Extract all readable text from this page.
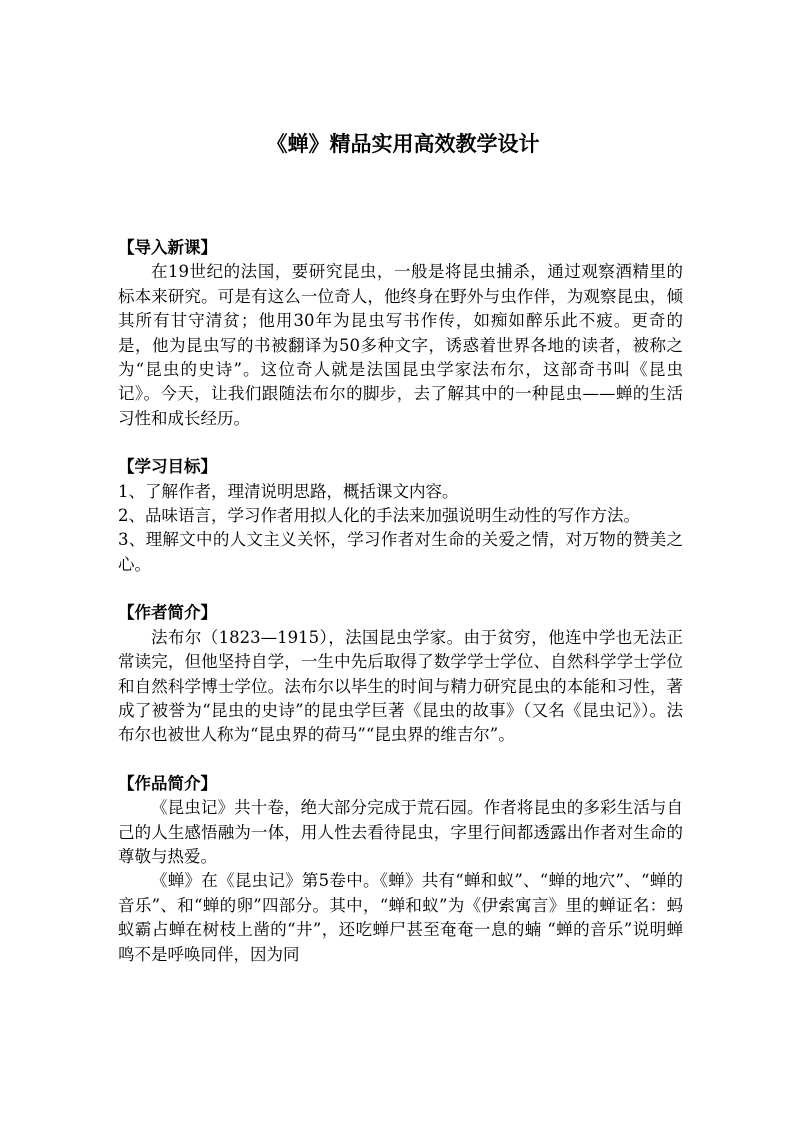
《蝉》精品实用高效教学设计

【导入新课】

在19世纪的法国，要研究昆虫，一般是将昆虫捕杀，通过观察酒精里的标本来研究。可是有这么一位奇人，他终身在野外与虫作伴，为观察昆虫，倾其所有甘守清贫；他用30年为昆虫写书作传，如痴如醉乐此不疲。更奇的是，他为昆虫写的书被翻译为50多种文字，诱惑着世界各地的读者，被称之为“昆虫的史诗”。这位奇人就是法国昆虫学家法布尔，这部奇书叫《昆虫记》。今天，让我们跟随法布尔的脚步，去了解其中的一种昆虫——蝉的生活习性和成长经历。

【学习目标】

1、了解作者，理清说明思路，概括课文内容。

2、品味语言，学习作者用拟人化的手法来加强说明生动性的写作方法。

3、理解文中的人文主义关怀，学习作者对生命的关爱之情，对万物的赞美之心。

【作者简介】

法布尔（1823—1915），法国昆虫学家。由于贫穷，他连中学也无法正常读完，但他坚持自学，一生中先后取得了数学学士学位、自然科学学士学位和自然科学博士学位。法布尔以毕生的时间与精力研究昆虫的本能和习性，著成了被誉为“昆虫的史诗”的昆虫学巨著《昆虫的故事》（又名《昆虫记》）。法布尔也被世人称为“昆虫界的荷马”“昆虫界的维吉尔”。

【作品简介】

《昆虫记》共十卷，绝大部分完成于荒石园。作者将昆虫的多彩生活与自己的人生感悟融为一体，用人性去看待昆虫，字里行间都透露出作者对生命的尊敬与热爱。

《蝉》在《昆虫记》第5卷中。《蝉》共有“蝉和蚁”、“蝉的地穴”、“蝉的音乐”、和“蝉的卵”四部分。其中，“蝉和蚁”为《伊索寓言》里的蝉证名：蚂蚁霸占蝉在树枝上凿的“井”，还吃蝉尸甚至奄奄一息的蝻 “蝉的音乐”说明蝉鸣不是呼唤同伴，因为同
